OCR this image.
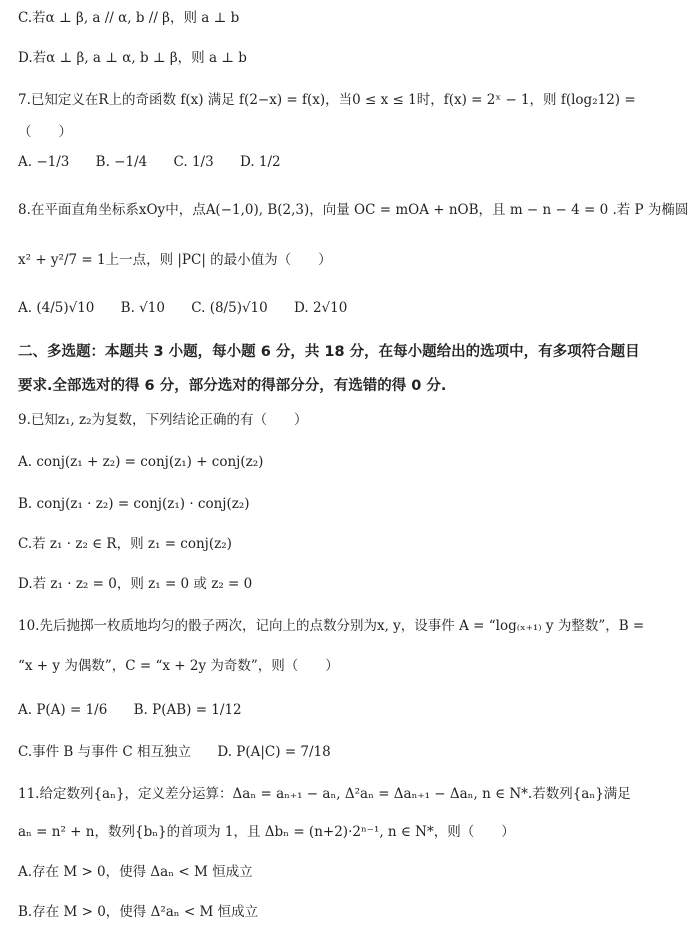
C.若α ⊥ β, a // α, b // β，则 a ⊥ b
D.若α ⊥ β, a ⊥ α, b ⊥ β，则 a ⊥ b
7.已知定义在R上的奇函数 f(x) 满足 f(2−x) = f(x)，当0 ≤ x ≤ 1时，f(x) = 2ˣ − 1，则 f(log₂12) =
（　　）
A. −1/3 B. −1/4 C. 1/3 D. 1/2
8.在平面直角坐标系xOy中，点A(−1,0), B(2,3)，向量 OC = mOA + nOB，且 m − n − 4 = 0 .若 P 为椭圆
x² + y²/7 = 1上一点，则 |PC| 的最小值为（　　）
A. (4/5)√10 B. √10 C. (8/5)√10 D. 2√10
二、多选题：本题共 3 小题，每小题 6 分，共 18 分，在每小题给出的选项中，有多项符合题目
要求.全部选对的得 6 分，部分选对的得部分分，有选错的得 0 分.
9.已知z₁, z₂为复数，下列结论正确的有（　　）
A. conj(z₁ + z₂) = conj(z₁) + conj(z₂)
B. conj(z₁ · z₂) = conj(z₁) · conj(z₂)
C.若 z₁ · z₂ ∈ R，则 z₁ = conj(z₂)
D.若 z₁ · z₂ = 0，则 z₁ = 0 或 z₂ = 0
10.先后抛掷一枚质地均匀的骰子两次，记向上的点数分别为x, y，设事件 A = “log₍ₓ₊₁₎ y 为整数”，B =
“x + y 为偶数”，C = “x + 2y 为奇数”，则（　　）
A. P(A) = 1/6 B. P(AB) = 1/12
C.事件 B 与事件 C 相互独立 D. P(A|C) = 7/18
11.给定数列{aₙ}，定义差分运算：Δaₙ = aₙ₊₁ − aₙ, Δ²aₙ = Δaₙ₊₁ − Δaₙ, n ∈ N*.若数列{aₙ}满足
aₙ = n² + n，数列{bₙ}的首项为 1，且 Δbₙ = (n+2)·2ⁿ⁻¹, n ∈ N*，则（　　）
A.存在 M > 0，使得 Δaₙ < M 恒成立
B.存在 M > 0，使得 Δ²aₙ < M 恒成立
